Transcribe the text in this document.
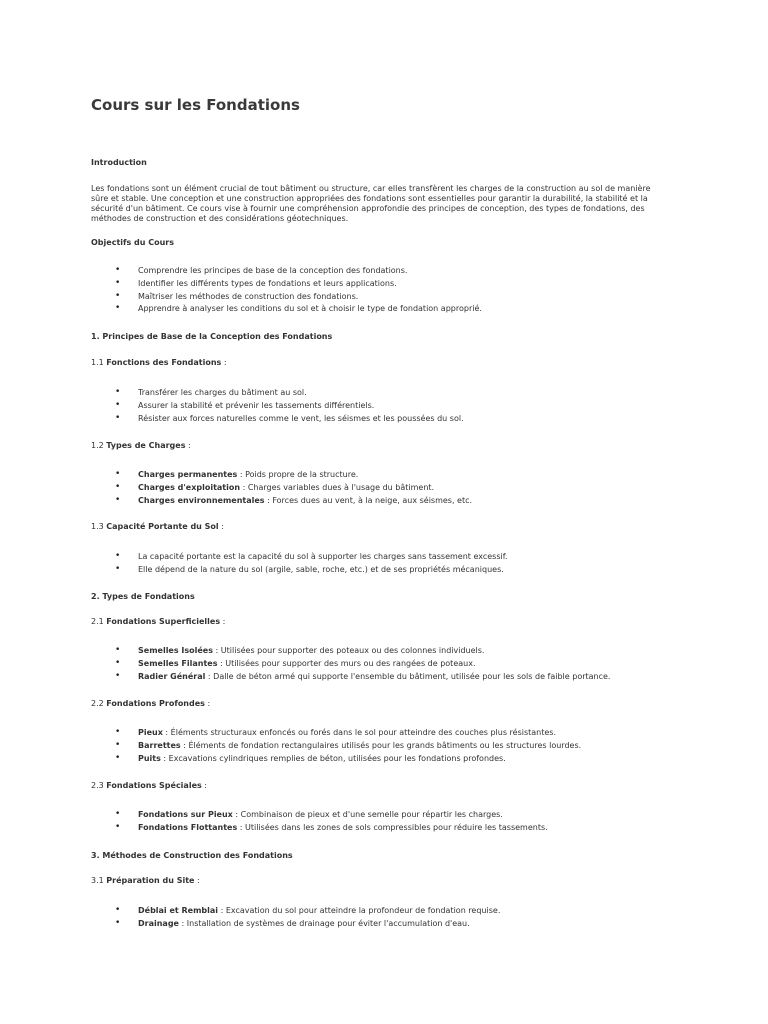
Cours sur les Fondations

Introduction

Les fondations sont un élément crucial de tout bâtiment ou structure, car elles transfèrent les charges de la construction au sol de manière sûre et stable. Une conception et une construction appropriées des fondations sont essentielles pour garantir la durabilité, la stabilité et la sécurité d'un bâtiment. Ce cours vise à fournir une compréhension approfondie des principes de conception, des types de fondations, des méthodes de construction et des considérations géotechniques.

Objectifs du Cours

• Comprendre les principes de base de la conception des fondations.
• Identifier les différents types de fondations et leurs applications.
• Maîtriser les méthodes de construction des fondations.
• Apprendre à analyser les conditions du sol et à choisir le type de fondation approprié.

1. Principes de Base de la Conception des Fondations

1.1 Fonctions des Fondations :

• Transférer les charges du bâtiment au sol.
• Assurer la stabilité et prévenir les tassements différentiels.
• Résister aux forces naturelles comme le vent, les séismes et les poussées du sol.

1.2 Types de Charges :

• Charges permanentes : Poids propre de la structure.
• Charges d'exploitation : Charges variables dues à l'usage du bâtiment.
• Charges environnementales : Forces dues au vent, à la neige, aux séismes, etc.

1.3 Capacité Portante du Sol :

• La capacité portante est la capacité du sol à supporter les charges sans tassement excessif.
• Elle dépend de la nature du sol (argile, sable, roche, etc.) et de ses propriétés mécaniques.

2. Types de Fondations

2.1 Fondations Superficielles :

• Semelles Isolées : Utilisées pour supporter des poteaux ou des colonnes individuels.
• Semelles Filantes : Utilisées pour supporter des murs ou des rangées de poteaux.
• Radier Général : Dalle de béton armé qui supporte l'ensemble du bâtiment, utilisée pour les sols de faible portance.

2.2 Fondations Profondes :

• Pieux : Éléments structuraux enfoncés ou forés dans le sol pour atteindre des couches plus résistantes.
• Barrettes : Éléments de fondation rectangulaires utilisés pour les grands bâtiments ou les structures lourdes.
• Puits : Excavations cylindriques remplies de béton, utilisées pour les fondations profondes.

2.3 Fondations Spéciales :

• Fondations sur Pieux : Combinaison de pieux et d'une semelle pour répartir les charges.
• Fondations Flottantes : Utilisées dans les zones de sols compressibles pour réduire les tassements.

3. Méthodes de Construction des Fondations

3.1 Préparation du Site :

• Déblai et Remblai : Excavation du sol pour atteindre la profondeur de fondation requise.
• Drainage : Installation de systèmes de drainage pour éviter l'accumulation d'eau.
